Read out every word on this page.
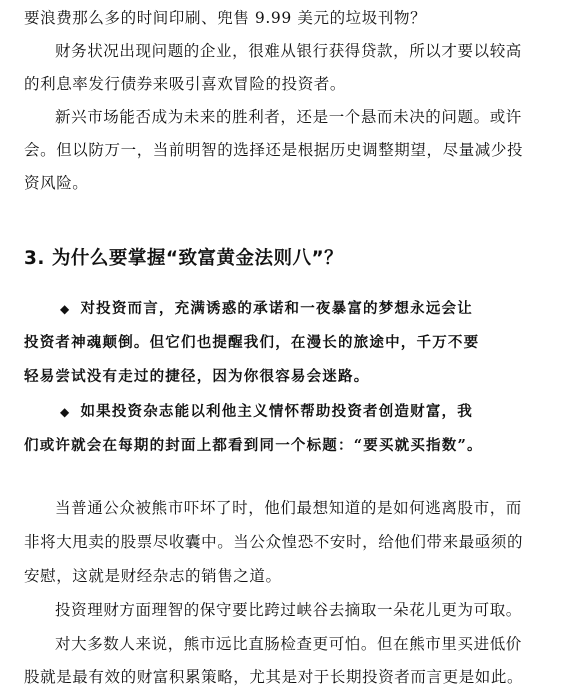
要浪费那么多的时间印刷、兜售 9.99 美元的垃圾刊物？
财务状况出现问题的企业，很难从银行获得贷款，所以才要以较高
的利息率发行债券来吸引喜欢冒险的投资者。
新兴市场能否成为未来的胜利者，还是一个悬而未决的问题。或许
会。但以防万一，当前明智的选择还是根据历史调整期望，尽量减少投
资风险。
3. 为什么要掌握“致富黄金法则八”？
◆ 对投资而言，充满诱惑的承诺和一夜暴富的梦想永远会让
投资者神魂颠倒。但它们也提醒我们，在漫长的旅途中，千万不要
轻易尝试没有走过的捷径，因为你很容易会迷路。
◆ 如果投资杂志能以利他主义情怀帮助投资者创造财富，我
们或许就会在每期的封面上都看到同一个标题：“要买就买指数”。
当普通公众被熊市吓坏了时，他们最想知道的是如何逃离股市，而
非将大甩卖的股票尽收囊中。当公众惶恐不安时，给他们带来最亟须的
安慰，这就是财经杂志的销售之道。
投资理财方面理智的保守要比跨过峡谷去摘取一朵花儿更为可取。
对大多数人来说，熊市远比直肠检查更可怕。但在熊市里买进低价
股就是最有效的财富积累策略，尤其是对于长期投资者而言更是如此。
